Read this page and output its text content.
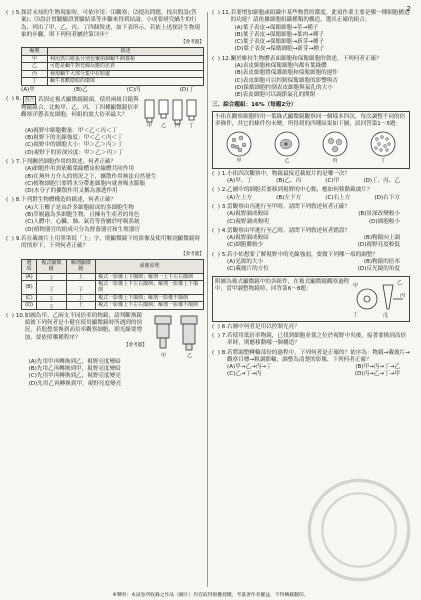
2
(  ) 5. 探討未知的生物現象時，可依序用：⑴觀察；⑵提出問題、找出假設(答案)；⑶設計實驗驗證實驗結果等步驟來得到結論。小成要研究蝸牛的行為，列出了甲、乙、丙、丁四個敘述，如下表所示，若依上述探討生物現象的步驟，則下列何者屬於第⑶步？
【會考題】
編號	敘述
甲	利用黑白紙張分別包覆兩個蝸牛飼養箱
乙	可能是蝸牛對光線反應的差異
丙	發現蝸牛大部分集中在暗處
丁	蝸牛喜歡陰暗的環境
(A)甲	(B)乙	(C)丙	(D)丁
(  ) 6. 混合 若固定複式顯微鏡鏡頭，使用兩組目鏡與物鏡組合，比較甲、乙、丙、丁四種顯微鏡倍率觀察洋蔥表皮細胞，何組的放大倍率最大？
甲 乙 丙 丁
(A)視野中細胞數量：甲＜乙＜丙＜丁
(B)視野下的光線強度：甲＜乙＜丙＜丁
(C)視野中的細胞大小：甲＞乙＞丙＞丁
(D)視野下的景深長度：甲＞乙＞丙＞丁
(  ) 7. 下列關於細胞作用的敘述，何者正確？
(A)細胞作用需依賴葉綠體及粒線體共同作用
(B)在無外力介入的情況之下，擴散作用無法自然發生
(C)植物細胞只要將水分帶進細胞內就會吸水膨脹
(D)水分子的擴散作用又稱為滲透作用
(  ) 8. 下列對生物體構造的描述，何者正確？
(A)大王椰子是由許多細胞組成的多細胞生物
(B)草履蟲為多細胞生物，且擁有生產者的角色
(C)人體中，心臟、肺、氣管等皆屬於呼吸系統
(D)植物器官的組成可分為營養器官和生殖器官
(  ) 9. 若在載玻片上用墨筆寫「上」字，則顯微鏡下的影像及使用解剖顯微鏡時的情形下，下列何者正確？
【會考題】
選項	複式顯微鏡	解剖顯微鏡	成像原理
(A)	上	上	複式一影像上下顛倒；解剖一上下左右顛倒
(B)	上	上	複式一影像上下左右顛倒；解剖一影像上下顛倒
(C)	上	上	複式一影像上下顛倒；解剖一影像不顛倒
(D)	上	上	複式一影像上下左右顛倒；解剖一影像不顛倒
(  ) 10. 如圖為甲、乙兩支不同倍率的物鏡，請判斷換鏡頭後下列何者是小健在使用顯微鏡時所遇到的情況，若他想要換到高倍率觀察細胞，則光線要增加，要依照哪種程序？
【會考題】
甲	乙
(A)先用甲再轉換到乙，視野亮度變暗
(B)先用乙再轉換到甲，視野亮度變暗
(C)先用甲再轉換到乙，視野亮度變亮
(D)先用乙再轉換到甲，視野亮度變亮
(  ) 11. 若要增加細胞或組織中某些物質的濃度，此項作業主要是哪一種細胞構造的功能？請依據細胞組織種類的構造，選出正確的組合。
(A)葉子表皮→保衛細胞→莖→種子
(B)葉子表皮→保衛細胞→葉肉→種子
(C)葉子表皮→保衛細胞→新芽→種子
(D)葉子表皮→保衛細胞→新芽→種子
(  ) 12. 關於維持生物體表面細胞和保衛細胞的敘述，下列何者正確？
(A)表皮細胞和保衛細胞內都有葉綠體
(B)表皮細胞將保護細胞和保衛細胞的運作
(C)表皮細胞可以控制保衛細胞的影響與否
(D)保衛細胞控制表皮細胞與氣孔的大小
(E)表皮細胞可以調節氣孔的開閉
三、綜合題組：16%（每題2分）
小佑在觀察細胞時用一葉綠式顯微鏡觀察同一個樣本四次，每次調整不同的倍率條件，其它的條件均未變，所得到的四種結果如下圖，試回答第1～5題：
甲	乙	丙	丁
(  ) 1. 小佑四次觀察中，物鏡最接近載玻片的是哪一次？
(A)甲、丁	(B)乙、丙	(C)甲	(D)丁、丙、乙
(  ) 2. 乙圖中的細胞若要移到視野的中心點，應如何移動載玻片？
(A)左上方	(B)左下方	(C)右上方	(D)右下方
(  ) 3. 當觀察由丙進行至甲時，請問下列敘述何者正確？
(A)視野調成較暗	(B)景深改變較小
(C)視野調成較明	(D)細胞較小
(  ) 4. 當觀察由甲進行至乙時，請問下列敘述何者錯誤？
(A)視野調成較暗	(B)物鏡向上調
(C)細胞數較少	(D)視野亮度較低
(  ) 5. 若小佑想要了解視野中的光線強弱，要做下列哪一項的調整？
(A)光源的大小	(B)物鏡的倍率
(C)載玻片的方位	(D)反光鏡的角度
附圖為複式顯微鏡中的各組件，在複式顯微鏡觀察過程中，當甲調整物鏡時，回答第6～8題：
甲	乙
丙
丁	戊
(  ) 6. 右圖中何者是用以控制光亮？
(  ) 7. 若使用低倍率物鏡，已找到細胞並使之位於視野中央後，接著要換到高倍率時，則應移動哪一個構造？
(  ) 8. 若將調整轉輪部份的過程中，下列何者是正確的？依序為：物鏡→載玻片→觀察目標→粗調節輪，調整為清楚的影像，下列何者正確？
(A)甲→乙→丙→丁	(B)甲→丙→丁→乙
(C)乙→丁→丙	(D)丙→乙→丁→甲
※聲明：本試卷所收錄之作品（圖片）均有取得版權授權，考量著作者權益，不得轉載翻印。
